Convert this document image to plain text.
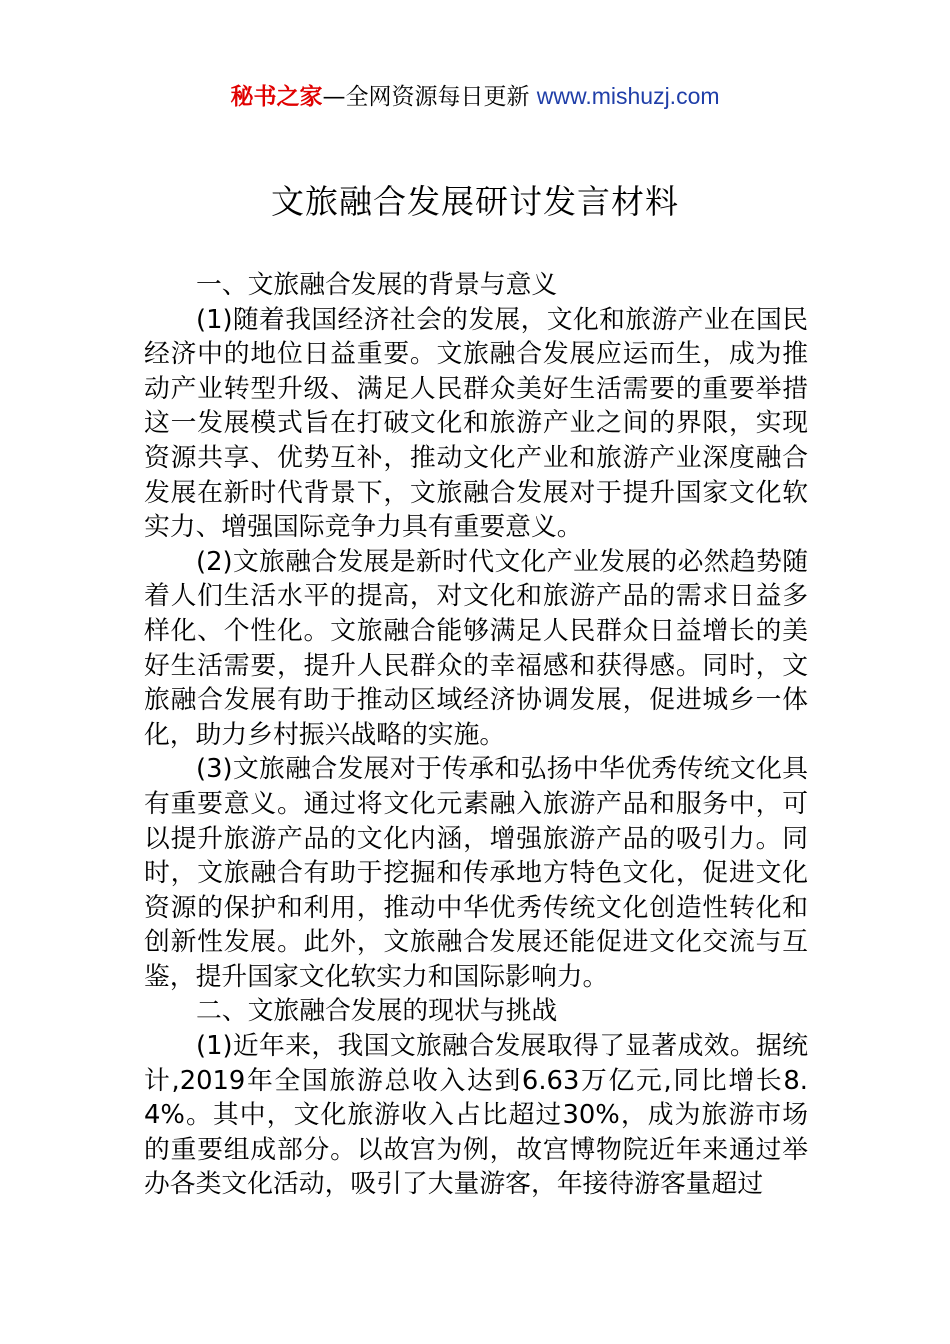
秘书之家—全网资源每日更新 www.mishuzj.com
文旅融合发展研讨发言材料

一、文旅融合发展的背景与意义

(1)随着我国经济社会的发展，文化和旅游产业在国民经济中的地位日益重要。文旅融合发展应运而生，成为推动产业转型升级、满足人民群众美好生活需要的重要举措这一发展模式旨在打破文化和旅游产业之间的界限，实现资源共享、优势互补，推动文化产业和旅游产业深度融合发展在新时代背景下，文旅融合发展对于提升国家文化软实力、增强国际竞争力具有重要意义。

(2)文旅融合发展是新时代文化产业发展的必然趋势随着人们生活水平的提高，对文化和旅游产品的需求日益多样化、个性化。文旅融合能够满足人民群众日益增长的美好生活需要，提升人民群众的幸福感和获得感。同时，文旅融合发展有助于推动区域经济协调发展，促进城乡一体化，助力乡村振兴战略的实施。

(3)文旅融合发展对于传承和弘扬中华优秀传统文化具有重要意义。通过将文化元素融入旅游产品和服务中，可以提升旅游产品的文化内涵，增强旅游产品的吸引力。同时，文旅融合有助于挖掘和传承地方特色文化，促进文化资源的保护和利用，推动中华优秀传统文化创造性转化和创新性发展。此外，文旅融合发展还能促进文化交流与互鉴，提升国家文化软实力和国际影响力。

二、文旅融合发展的现状与挑战

(1)近年来，我国文旅融合发展取得了显著成效。据统计,2019年全国旅游总收入达到6.63万亿元,同比增长8.4%。其中，文化旅游收入占比超过30%，成为旅游市场的重要组成部分。以故宫为例，故宫博物院近年来通过举办各类文化活动，吸引了大量游客，年接待游客量超过
